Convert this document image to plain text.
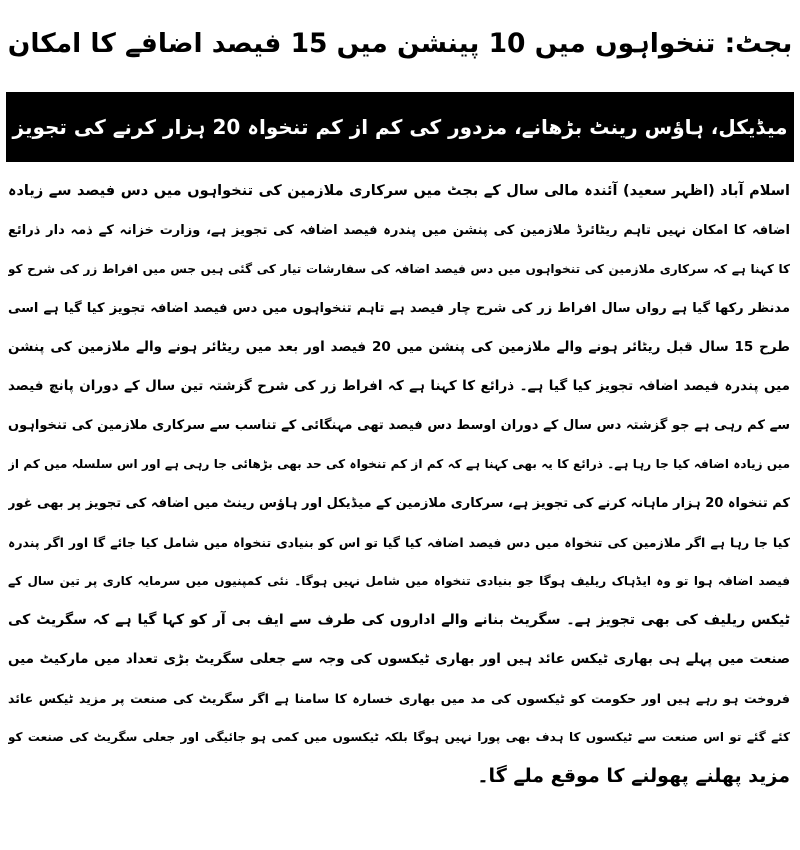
بجٹ: تنخواہوں میں 10 پینشن میں 15 فیصد اضافے کا امکان
میڈیکل، ہاؤس رینٹ بڑھانے، مزدور کی کم از کم تنخواہ 20 ہزار کرنے کی تجویز
اسلام آباد (اظہر سعید) آئندہ مالی سال کے بجٹ میں سرکاری ملازمین کی تنخواہوں میں دس فیصد سے زیادہ
اضافہ کا امکان نہیں تاہم ریٹائرڈ ملازمین کی پنشن میں پندرہ فیصد اضافہ کی تجویز ہے، وزارت خزانہ کے ذمہ دار ذرائع
کا کہنا ہے کہ سرکاری ملازمین کی تنخواہوں میں دس فیصد اضافہ کی سفارشات تیار کی گئی ہیں جس میں افراط زر کی شرح کو
مدنظر رکھا گیا ہے رواں سال افراط زر کی شرح چار فیصد ہے تاہم تنخواہوں میں دس فیصد اضافہ تجویز کیا گیا ہے اسی
طرح 15 سال قبل ریٹائر ہونے والے ملازمین کی پنشن میں 20 فیصد اور بعد میں ریٹائر ہونے والے ملازمین کی پنشن
میں پندرہ فیصد اضافہ تجویز کیا گیا ہے۔ ذرائع کا کہنا ہے کہ افراط زر کی شرح گزشتہ تین سال کے دوران پانچ فیصد
سے کم رہی ہے جو گزشتہ دس سال کے دوران اوسط دس فیصد تھی مہنگائی کے تناسب سے سرکاری ملازمین کی تنخواہوں
میں زیادہ اضافہ کیا جا رہا ہے۔ ذرائع کا یہ بھی کہنا ہے کہ کم از کم تنخواہ کی حد بھی بڑھائی جا رہی ہے اور اس سلسلہ میں کم از
کم تنخواہ 20 ہزار ماہانہ کرنے کی تجویز ہے، سرکاری ملازمین کے میڈیکل اور ہاؤس رینٹ میں اضافہ کی تجویز پر بھی غور
کیا جا رہا ہے اگر ملازمین کی تنخواہ میں دس فیصد اضافہ کیا گیا تو اس کو بنیادی تنخواہ میں شامل کیا جائے گا اور اگر پندرہ
فیصد اضافہ ہوا تو وہ ایڈہاک ریلیف ہوگا جو بنیادی تنخواہ میں شامل نہیں ہوگا۔ نئی کمپنیوں میں سرمایہ کاری پر تین سال کے
ٹیکس ریلیف کی بھی تجویز ہے۔ سگریٹ بنانے والے اداروں کی طرف سے ایف بی آر کو کہا گیا ہے کہ سگریٹ کی
صنعت میں پہلے ہی بھاری ٹیکس عائد ہیں اور بھاری ٹیکسوں کی وجہ سے جعلی سگریٹ بڑی تعداد میں مارکیٹ میں
فروخت ہو رہے ہیں اور حکومت کو ٹیکسوں کی مد میں بھاری خسارہ کا سامنا ہے اگر سگریٹ کی صنعت پر مزید ٹیکس عائد
کئے گئے تو اس صنعت سے ٹیکسوں کا ہدف بھی پورا نہیں ہوگا بلکہ ٹیکسوں میں کمی ہو جائیگی اور جعلی سگریٹ کی صنعت کو
مزید پھلنے پھولنے کا موقع ملے گا۔
